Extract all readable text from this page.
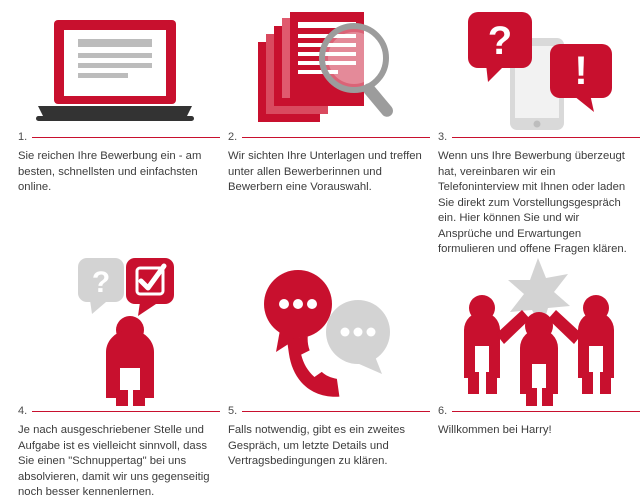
1.
Sie reichen Ihre Bewerbung ein - am besten, schnellsten und einfachsten online.
2.
Wir sichten Ihre Unterlagen und treffen unter allen Bewerberinnen und Bewerbern eine Vorauswahl.
?
!
3.
Wenn uns Ihre Bewerbung überzeugt hat, vereinbaren wir ein Telefoninterview mit Ihnen oder laden Sie direkt zum Vorstellungsgespräch ein. Hier können Sie und wir Ansprüche und Erwartungen formulieren und offene Fragen klären.
?
4.
Je nach ausgeschriebener Stelle und Aufgabe ist es vielleicht sinnvoll, dass Sie einen "Schnuppertag" bei uns absolvieren, damit wir uns gegenseitig noch besser kennenlernen.
5.
Falls notwendig, gibt es ein zweites Gespräch, um letzte Details und Vertragsbedingungen zu klären.
6.
Willkommen bei Harry!
